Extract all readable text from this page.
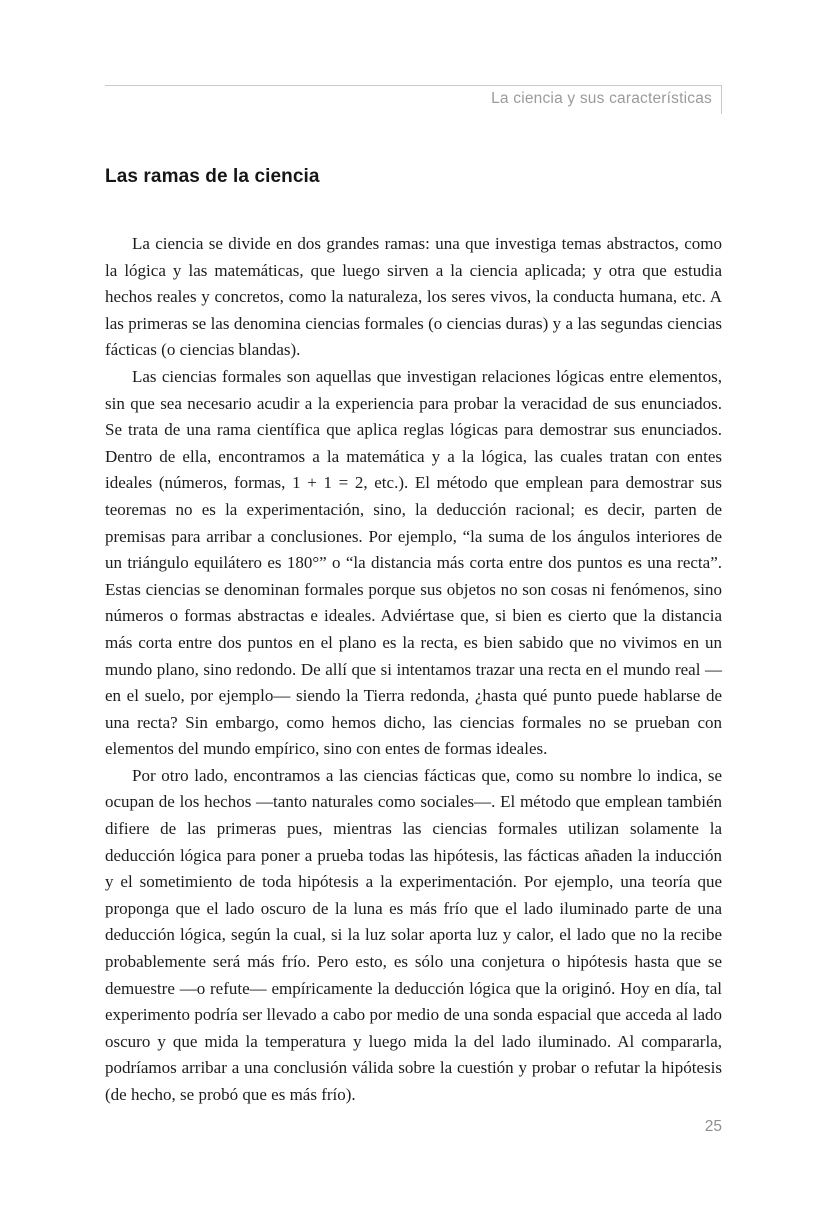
La ciencia y sus características
Las ramas de la ciencia

La ciencia se divide en dos grandes ramas: una que investiga temas abstractos, como la lógica y las matemáticas, que luego sirven a la ciencia aplicada; y otra que estudia hechos reales y concretos, como la naturaleza, los seres vivos, la conducta humana, etc. A las primeras se las denomina ciencias formales (o ciencias duras) y a las segundas ciencias fácticas (o ciencias blandas).

Las ciencias formales son aquellas que investigan relaciones lógicas entre elementos, sin que sea necesario acudir a la experiencia para probar la veracidad de sus enunciados. Se trata de una rama científica que aplica reglas lógicas para demostrar sus enunciados. Dentro de ella, encontramos a la matemática y a la lógica, las cuales tratan con entes ideales (números, formas, 1 + 1 = 2, etc.). El método que emplean para demostrar sus teoremas no es la experimentación, sino, la deducción racional; es decir, parten de premisas para arribar a conclusiones. Por ejemplo, “la suma de los ángulos interiores de un triángulo equilátero es 180°” o “la distancia más corta entre dos puntos es una recta”. Estas ciencias se denominan formales porque sus objetos no son cosas ni fenómenos, sino números o formas abstractas e ideales. Adviértase que, si bien es cierto que la distancia más corta entre dos puntos en el plano es la recta, es bien sabido que no vivimos en un mundo plano, sino redondo. De allí que si intentamos trazar una recta en el mundo real —en el suelo, por ejemplo— siendo la Tierra redonda, ¿hasta qué punto puede hablarse de una recta? Sin embargo, como hemos dicho, las ciencias formales no se prueban con elementos del mundo empírico, sino con entes de formas ideales.

Por otro lado, encontramos a las ciencias fácticas que, como su nombre lo indica, se ocupan de los hechos —tanto naturales como sociales—. El método que emplean también difiere de las primeras pues, mientras las ciencias formales utilizan solamente la deducción lógica para poner a prueba todas las hipótesis, las fácticas añaden la inducción y el sometimiento de toda hipótesis a la experimentación. Por ejemplo, una teoría que proponga que el lado oscuro de la luna es más frío que el lado iluminado parte de una deducción lógica, según la cual, si la luz solar aporta luz y calor, el lado que no la recibe probablemente será más frío. Pero esto, es sólo una conjetura o hipótesis hasta que se demuestre —o refute— empíricamente la deducción lógica que la originó. Hoy en día, tal experimento podría ser llevado a cabo por medio de una sonda espacial que acceda al lado oscuro y que mida la temperatura y luego mida la del lado iluminado. Al compararla, podríamos arribar a una conclusión válida sobre la cuestión y probar o refutar la hipótesis (de hecho, se probó que es más frío).

25
